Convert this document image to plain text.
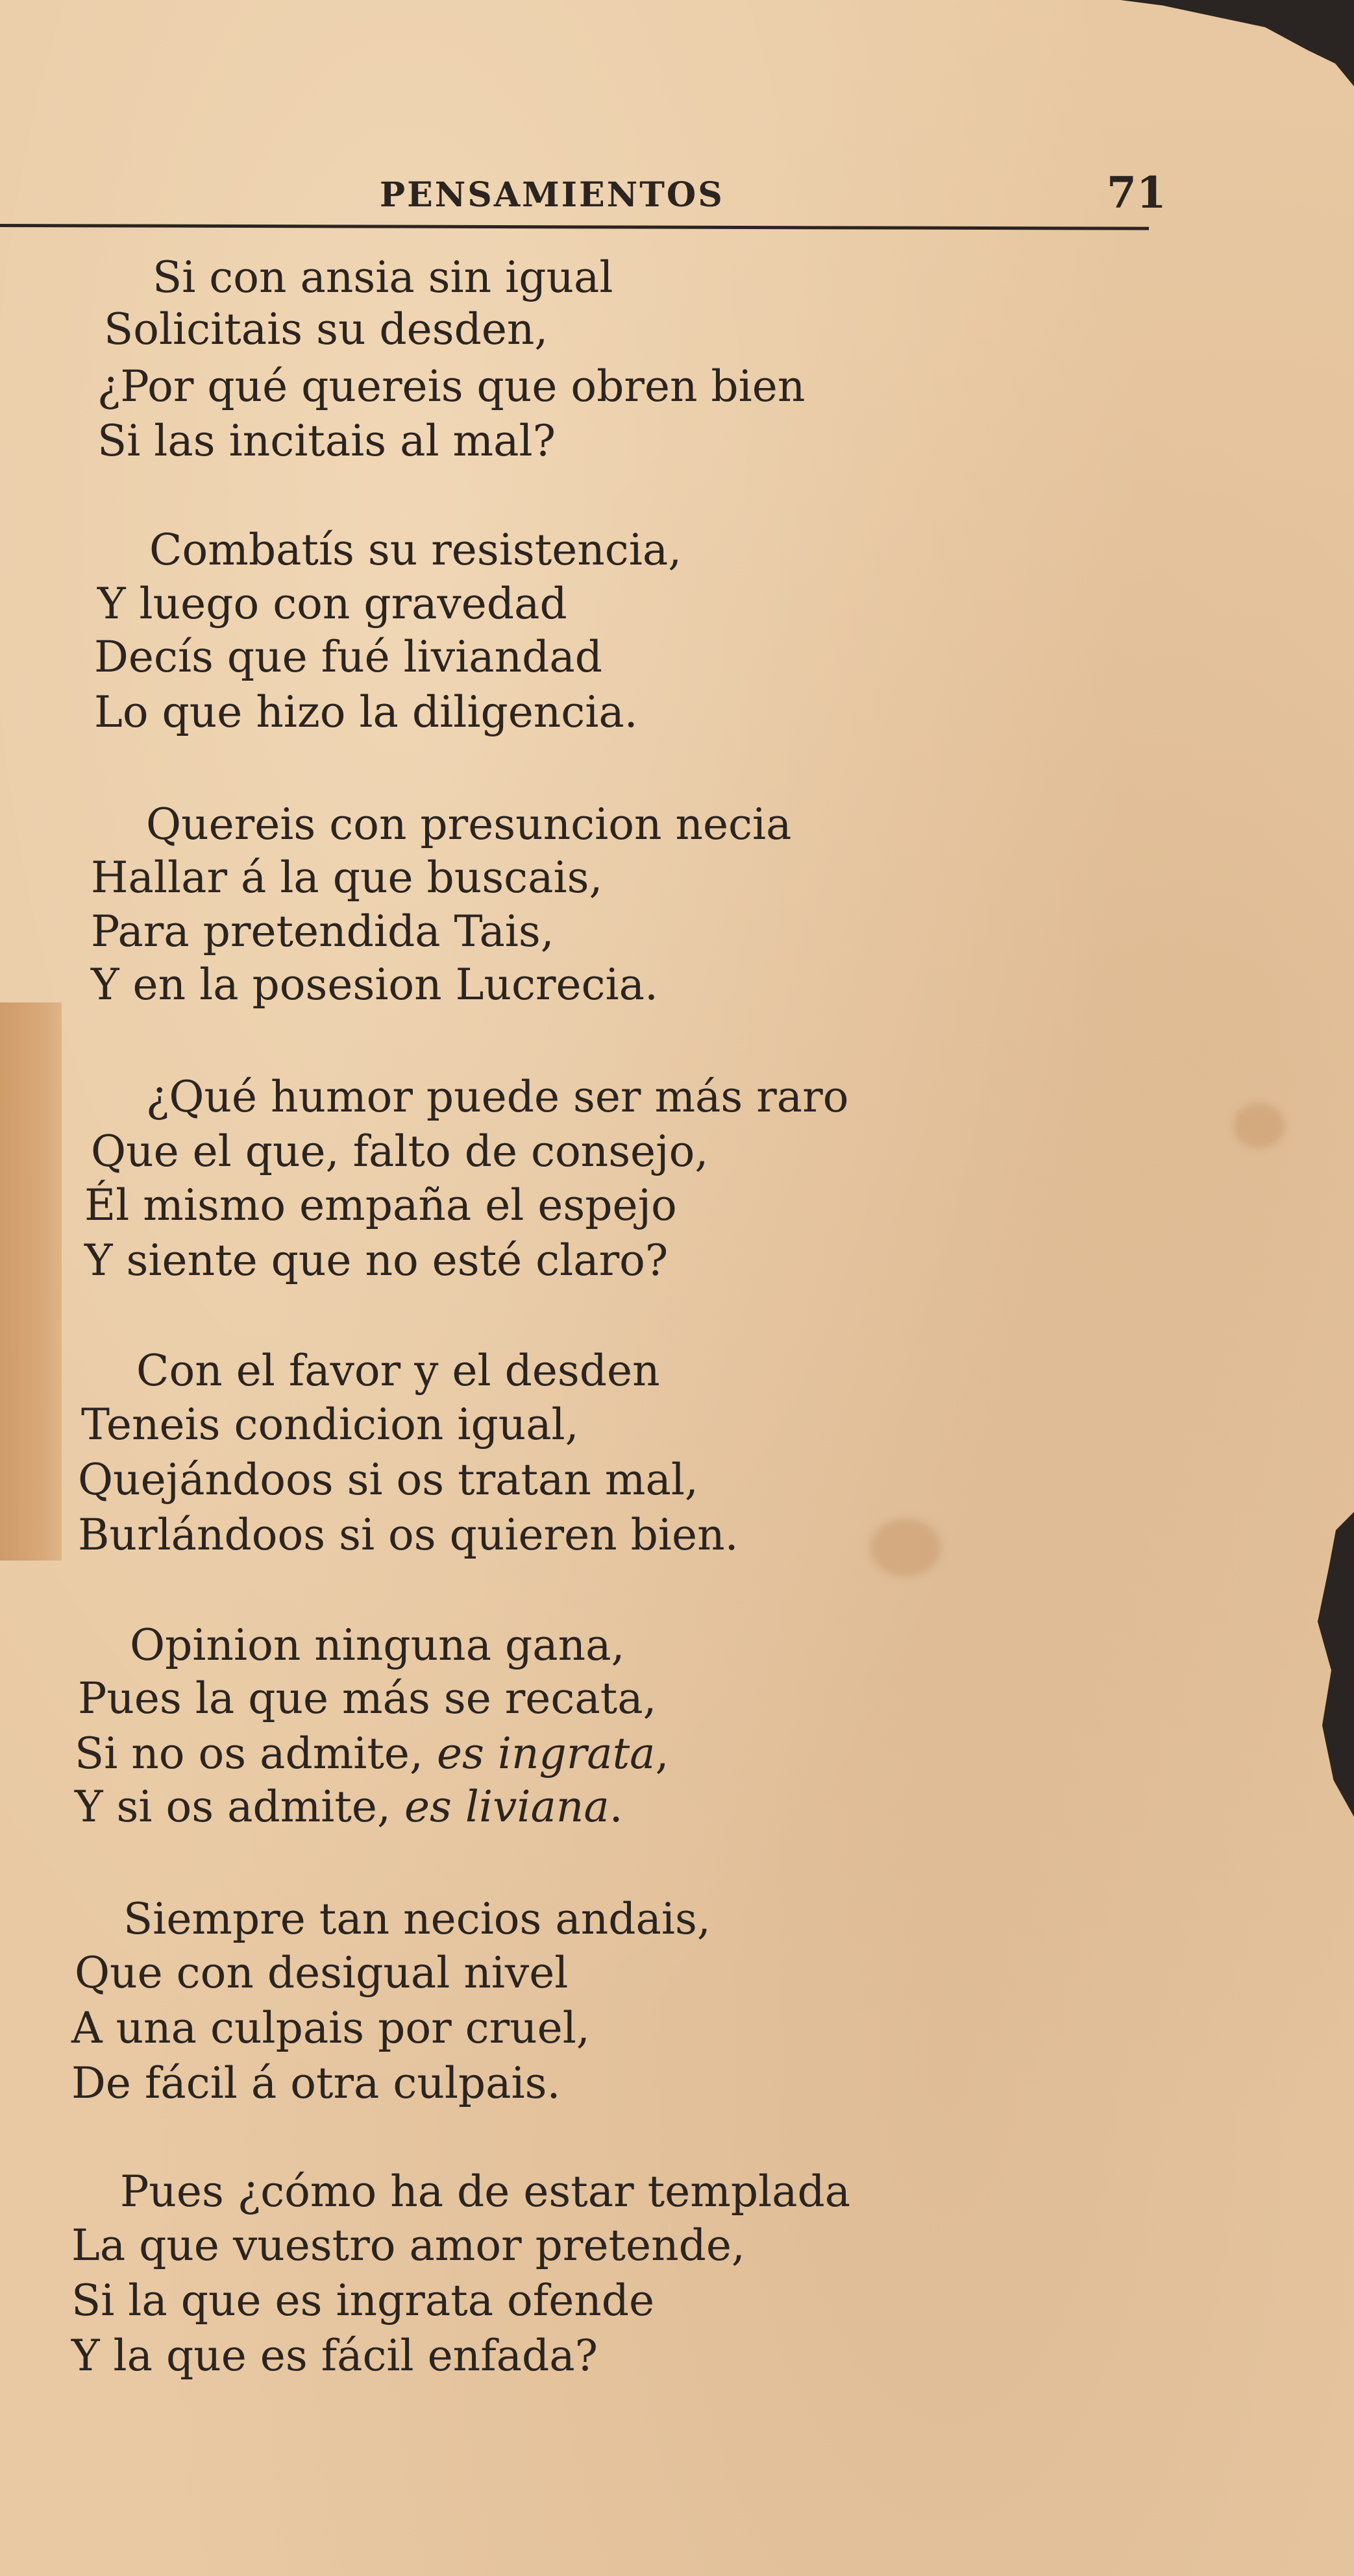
PENSAMIENTOS	71
Si con ansia sin igual
Solicitais su desden,
¿Por qué quereis que obren bien
Si las incitais al mal?
Combatís su resistencia,
Y luego con gravedad
Decís que fué liviandad
Lo que hizo la diligencia.
Quereis con presuncion necia
Hallar á la que buscais,
Para pretendida Tais,
Y en la posesion Lucrecia.
¿Qué humor puede ser más raro
Que el que, falto de consejo,
Él mismo empaña el espejo
Y siente que no esté claro?
Con el favor y el desden
Teneis condicion igual,
Quejándoos si os tratan mal,
Burlándoos si os quieren bien.
Opinion ninguna gana,
Pues la que más se recata,
Si no os admite, es ingrata,
Y si os admite, es liviana.
Siempre tan necios andais,
Que con desigual nivel
A una culpais por cruel,
De fácil á otra culpais.
Pues ¿cómo ha de estar templada
La que vuestro amor pretende,
Si la que es ingrata ofende
Y la que es fácil enfada?
